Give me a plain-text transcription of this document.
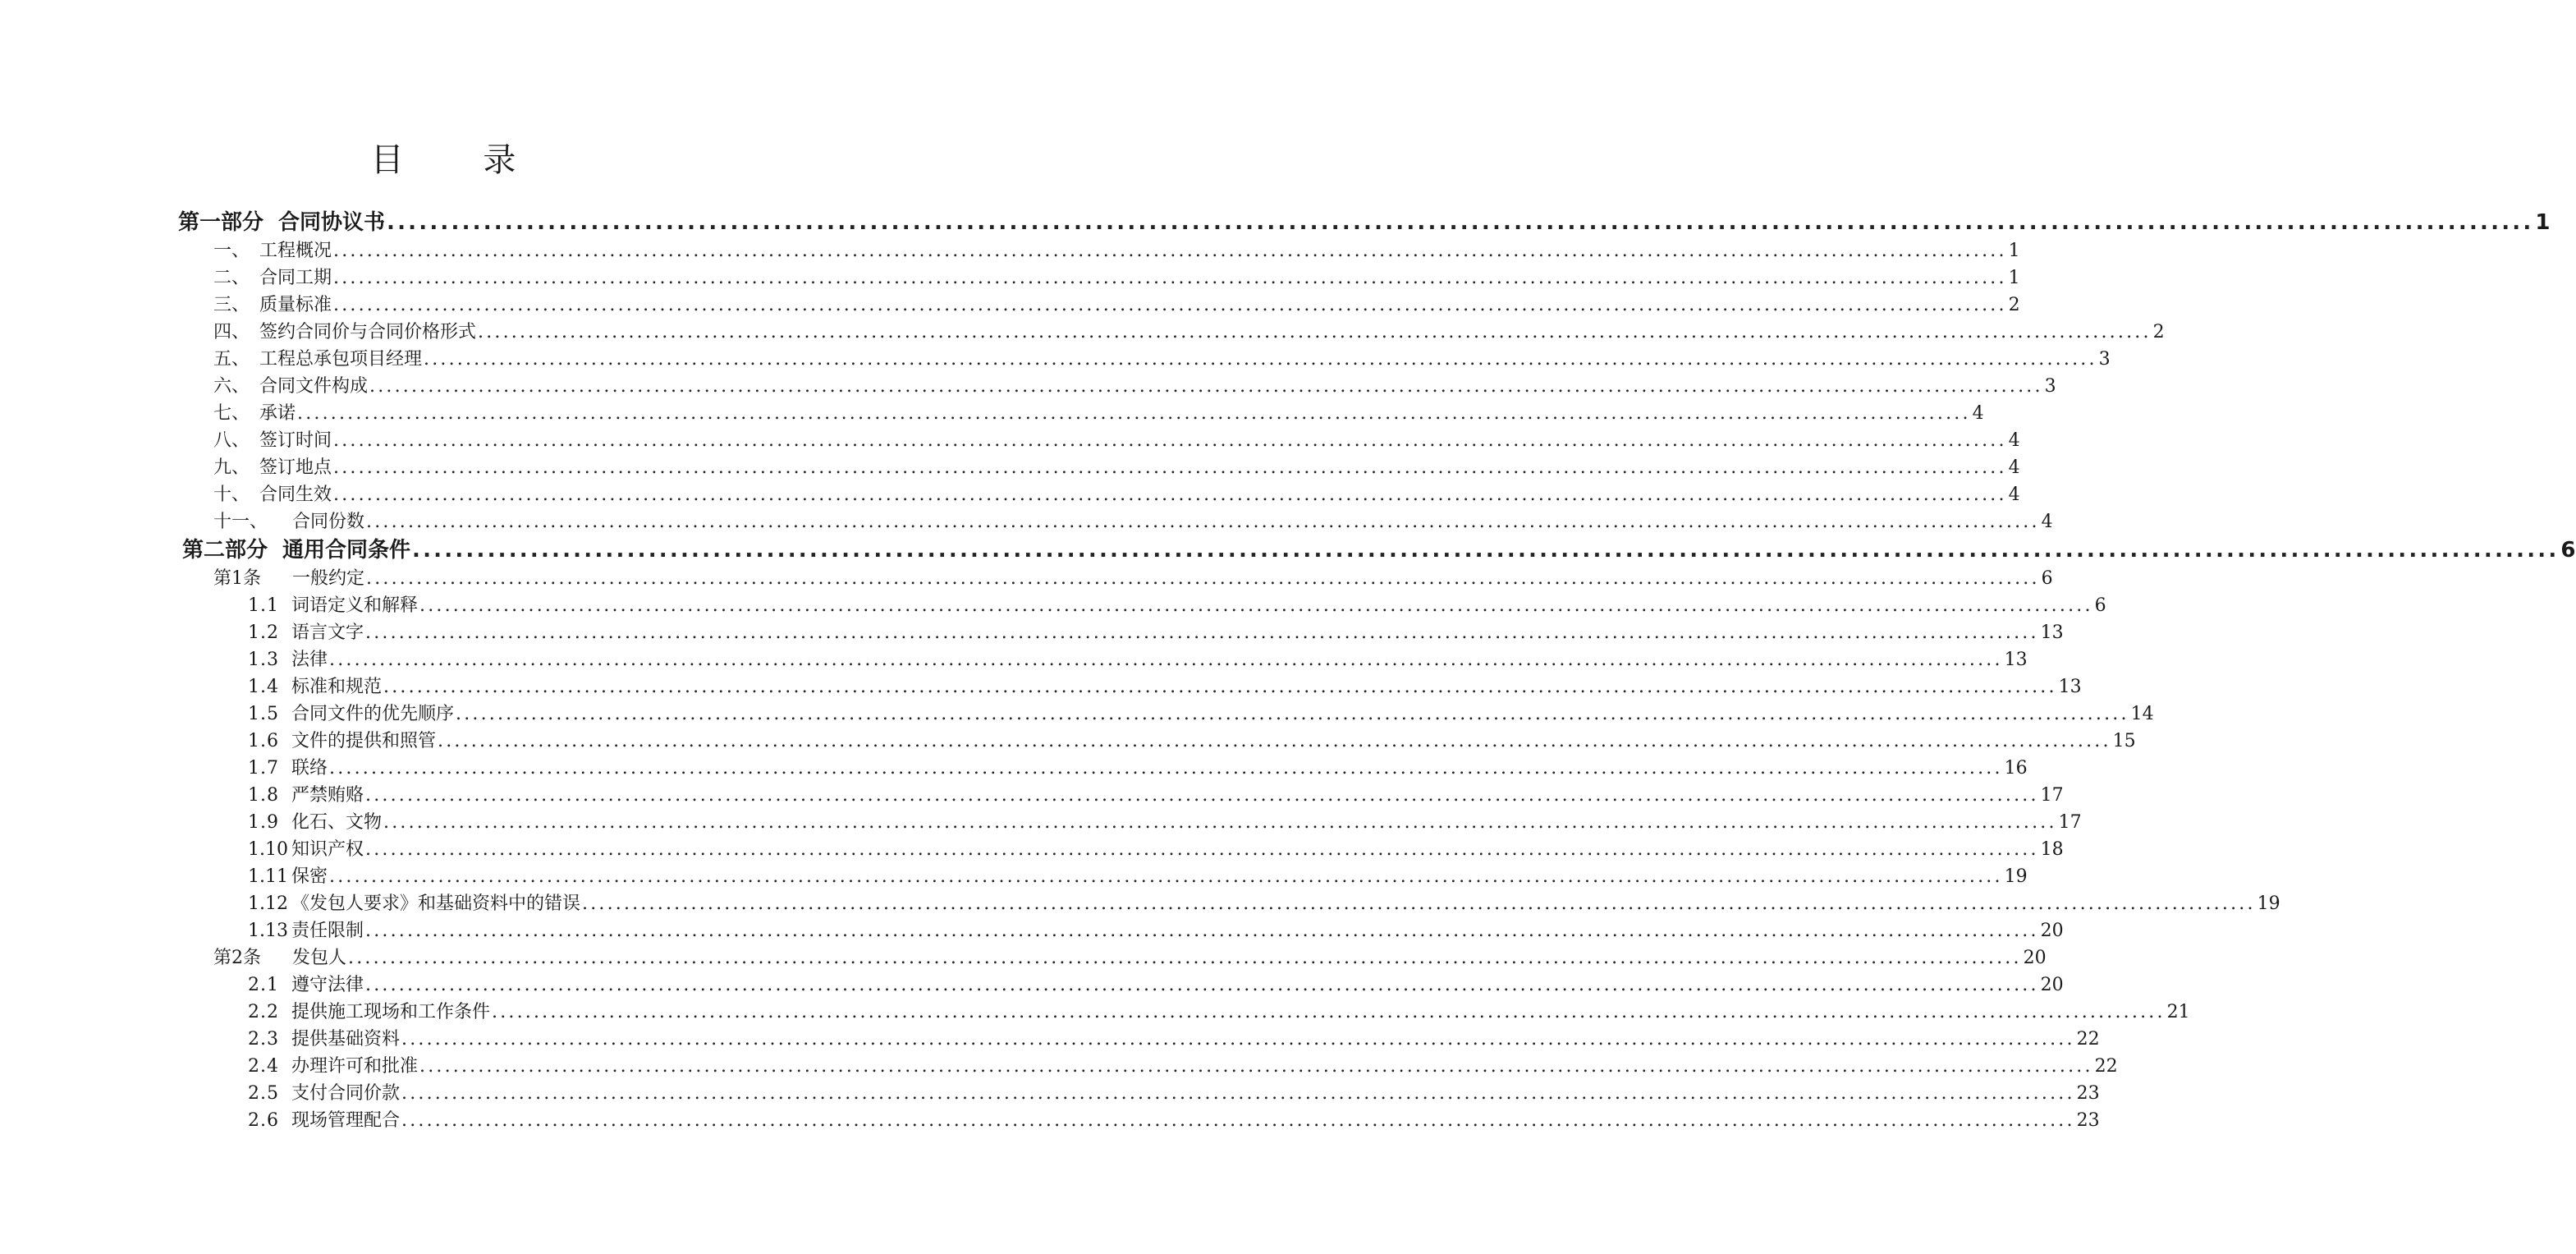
目 录
第一部分 合同协议书 ........................................................................................................................................................................................................ 1
一、 工程概况 ........................................................................................................................................................................................................ 1
二、 合同工期 ........................................................................................................................................................................................................ 1
三、 质量标准 ........................................................................................................................................................................................................ 2
四、 签约合同价与合同价格形式 ........................................................................................................................................................................................................ 2
五、 工程总承包项目经理 ........................................................................................................................................................................................................ 3
六、 合同文件构成 ........................................................................................................................................................................................................ 3
七、 承诺 ........................................................................................................................................................................................................ 4
八、 签订时间 ........................................................................................................................................................................................................ 4
九、 签订地点 ........................................................................................................................................................................................................ 4
十、 合同生效 ........................................................................................................................................................................................................ 4
十一、 合同份数 ........................................................................................................................................................................................................ 4
第二部分 通用合同条件 ........................................................................................................................................................................................................ 6
第1条 一般约定 ........................................................................................................................................................................................................ 6
1.1 词语定义和解释 ........................................................................................................................................................................................................ 6
1.2 语言文字 ........................................................................................................................................................................................................ 13
1.3 法律 ........................................................................................................................................................................................................ 13
1.4 标准和规范 ........................................................................................................................................................................................................ 13
1.5 合同文件的优先顺序 ........................................................................................................................................................................................................ 14
1.6 文件的提供和照管 ........................................................................................................................................................................................................ 15
1.7 联络 ........................................................................................................................................................................................................ 16
1.8 严禁贿赂 ........................................................................................................................................................................................................ 17
1.9 化石、文物 ........................................................................................................................................................................................................ 17
1.10 知识产权 ........................................................................................................................................................................................................ 18
1.11 保密 ........................................................................................................................................................................................................ 19
1.12 《发包人要求》和基础资料中的错误 ........................................................................................................................................................................................................ 19
1.13 责任限制 ........................................................................................................................................................................................................ 20
第2条 发包人 ........................................................................................................................................................................................................ 20
2.1 遵守法律 ........................................................................................................................................................................................................ 20
2.2 提供施工现场和工作条件 ........................................................................................................................................................................................................ 21
2.3 提供基础资料 ........................................................................................................................................................................................................ 22
2.4 办理许可和批准 ........................................................................................................................................................................................................ 22
2.5 支付合同价款 ........................................................................................................................................................................................................ 23
2.6 现场管理配合 ........................................................................................................................................................................................................ 23
